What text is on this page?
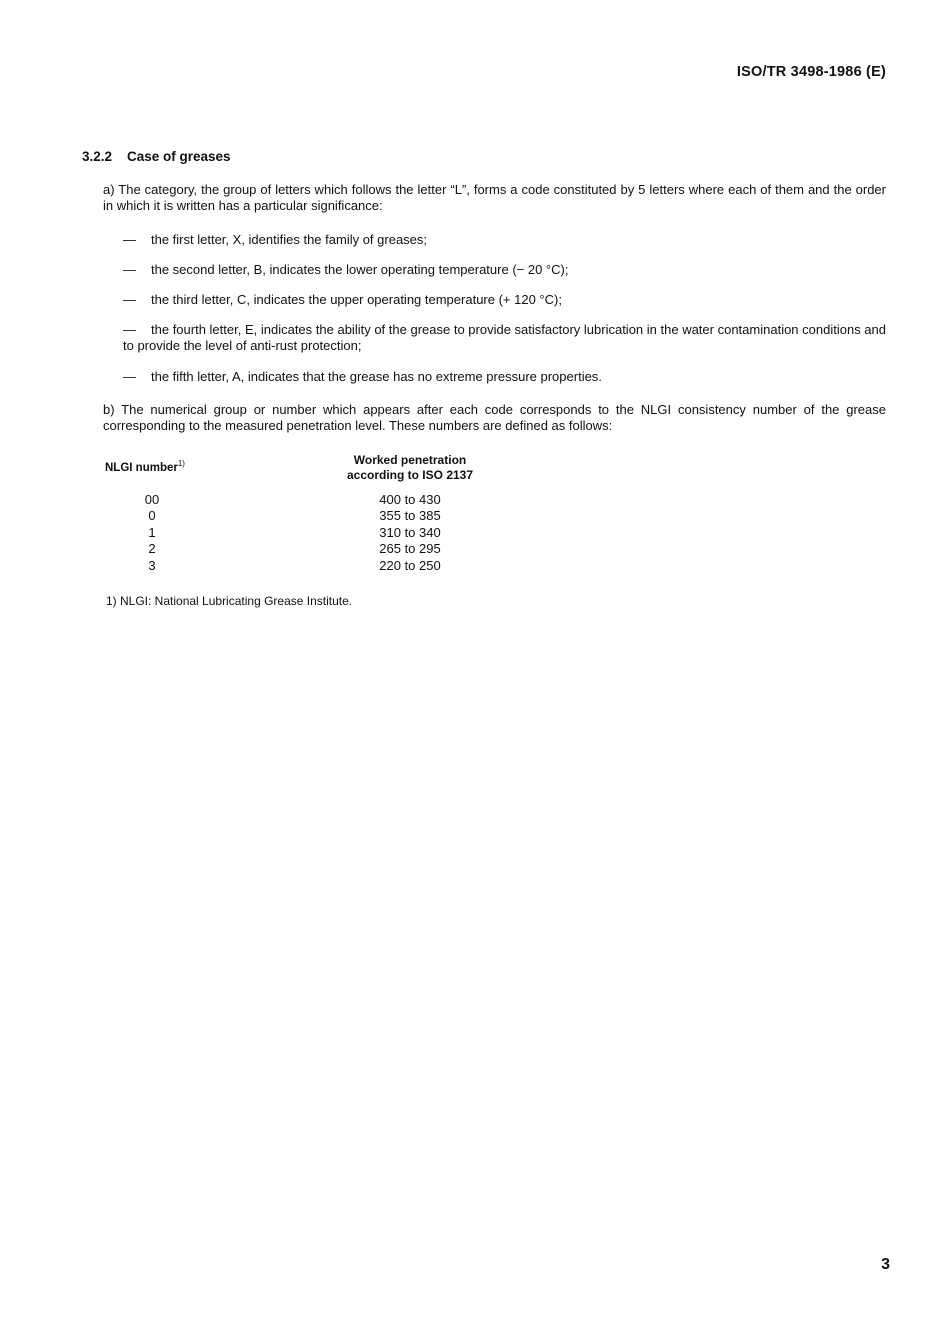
ISO/TR 3498-1986 (E)
3.2.2 Case of greases
a) The category, the group of letters which follows the letter “L”, forms a code constituted by 5 letters where each of them and the order in which it is written has a particular significance:
— the first letter, X, identifies the family of greases;
— the second letter, B, indicates the lower operating temperature (− 20 °C);
— the third letter, C, indicates the upper operating temperature (+ 120 °C);
— the fourth letter, E, indicates the ability of the grease to provide satisfactory lubrication in the water contamination conditions and to provide the level of anti-rust protection;
— the fifth letter, A, indicates that the grease has no extreme pressure properties.
b) The numerical group or number which appears after each code corresponds to the NLGI consistency number of the grease corresponding to the measured penetration level. These numbers are defined as follows:
NLGI number$^{1)}$	Worked penetration
according to ISO 2137
00	400 to 430
0	355 to 385
1	310 to 340
2	265 to 295
3	220 to 250
1) NLGI: National Lubricating Grease Institute.
3
